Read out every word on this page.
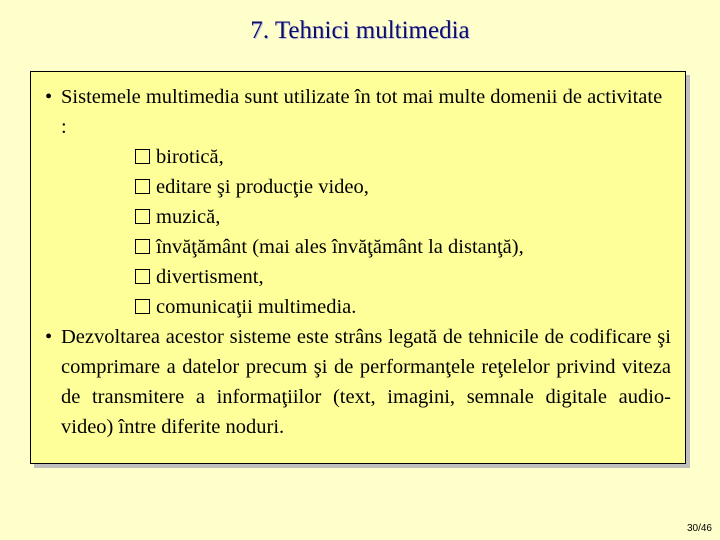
7. Tehnici multimedia
• Sistemele multimedia sunt utilizate în tot mai multe domenii de activitate :
birotică,
editare şi producţie video,
muzică,
învăţământ (mai ales învăţământ la distanţă),
divertisment,
comunicaţii multimedia.
• Dezvoltarea acestor sisteme este strâns legată de tehnicile de codificare şi comprimare a datelor precum şi de performanţele reţelelor privind viteza de transmitere a informaţiilor (text, imagini, semnale digitale audio-video) între diferite noduri.
30/46
